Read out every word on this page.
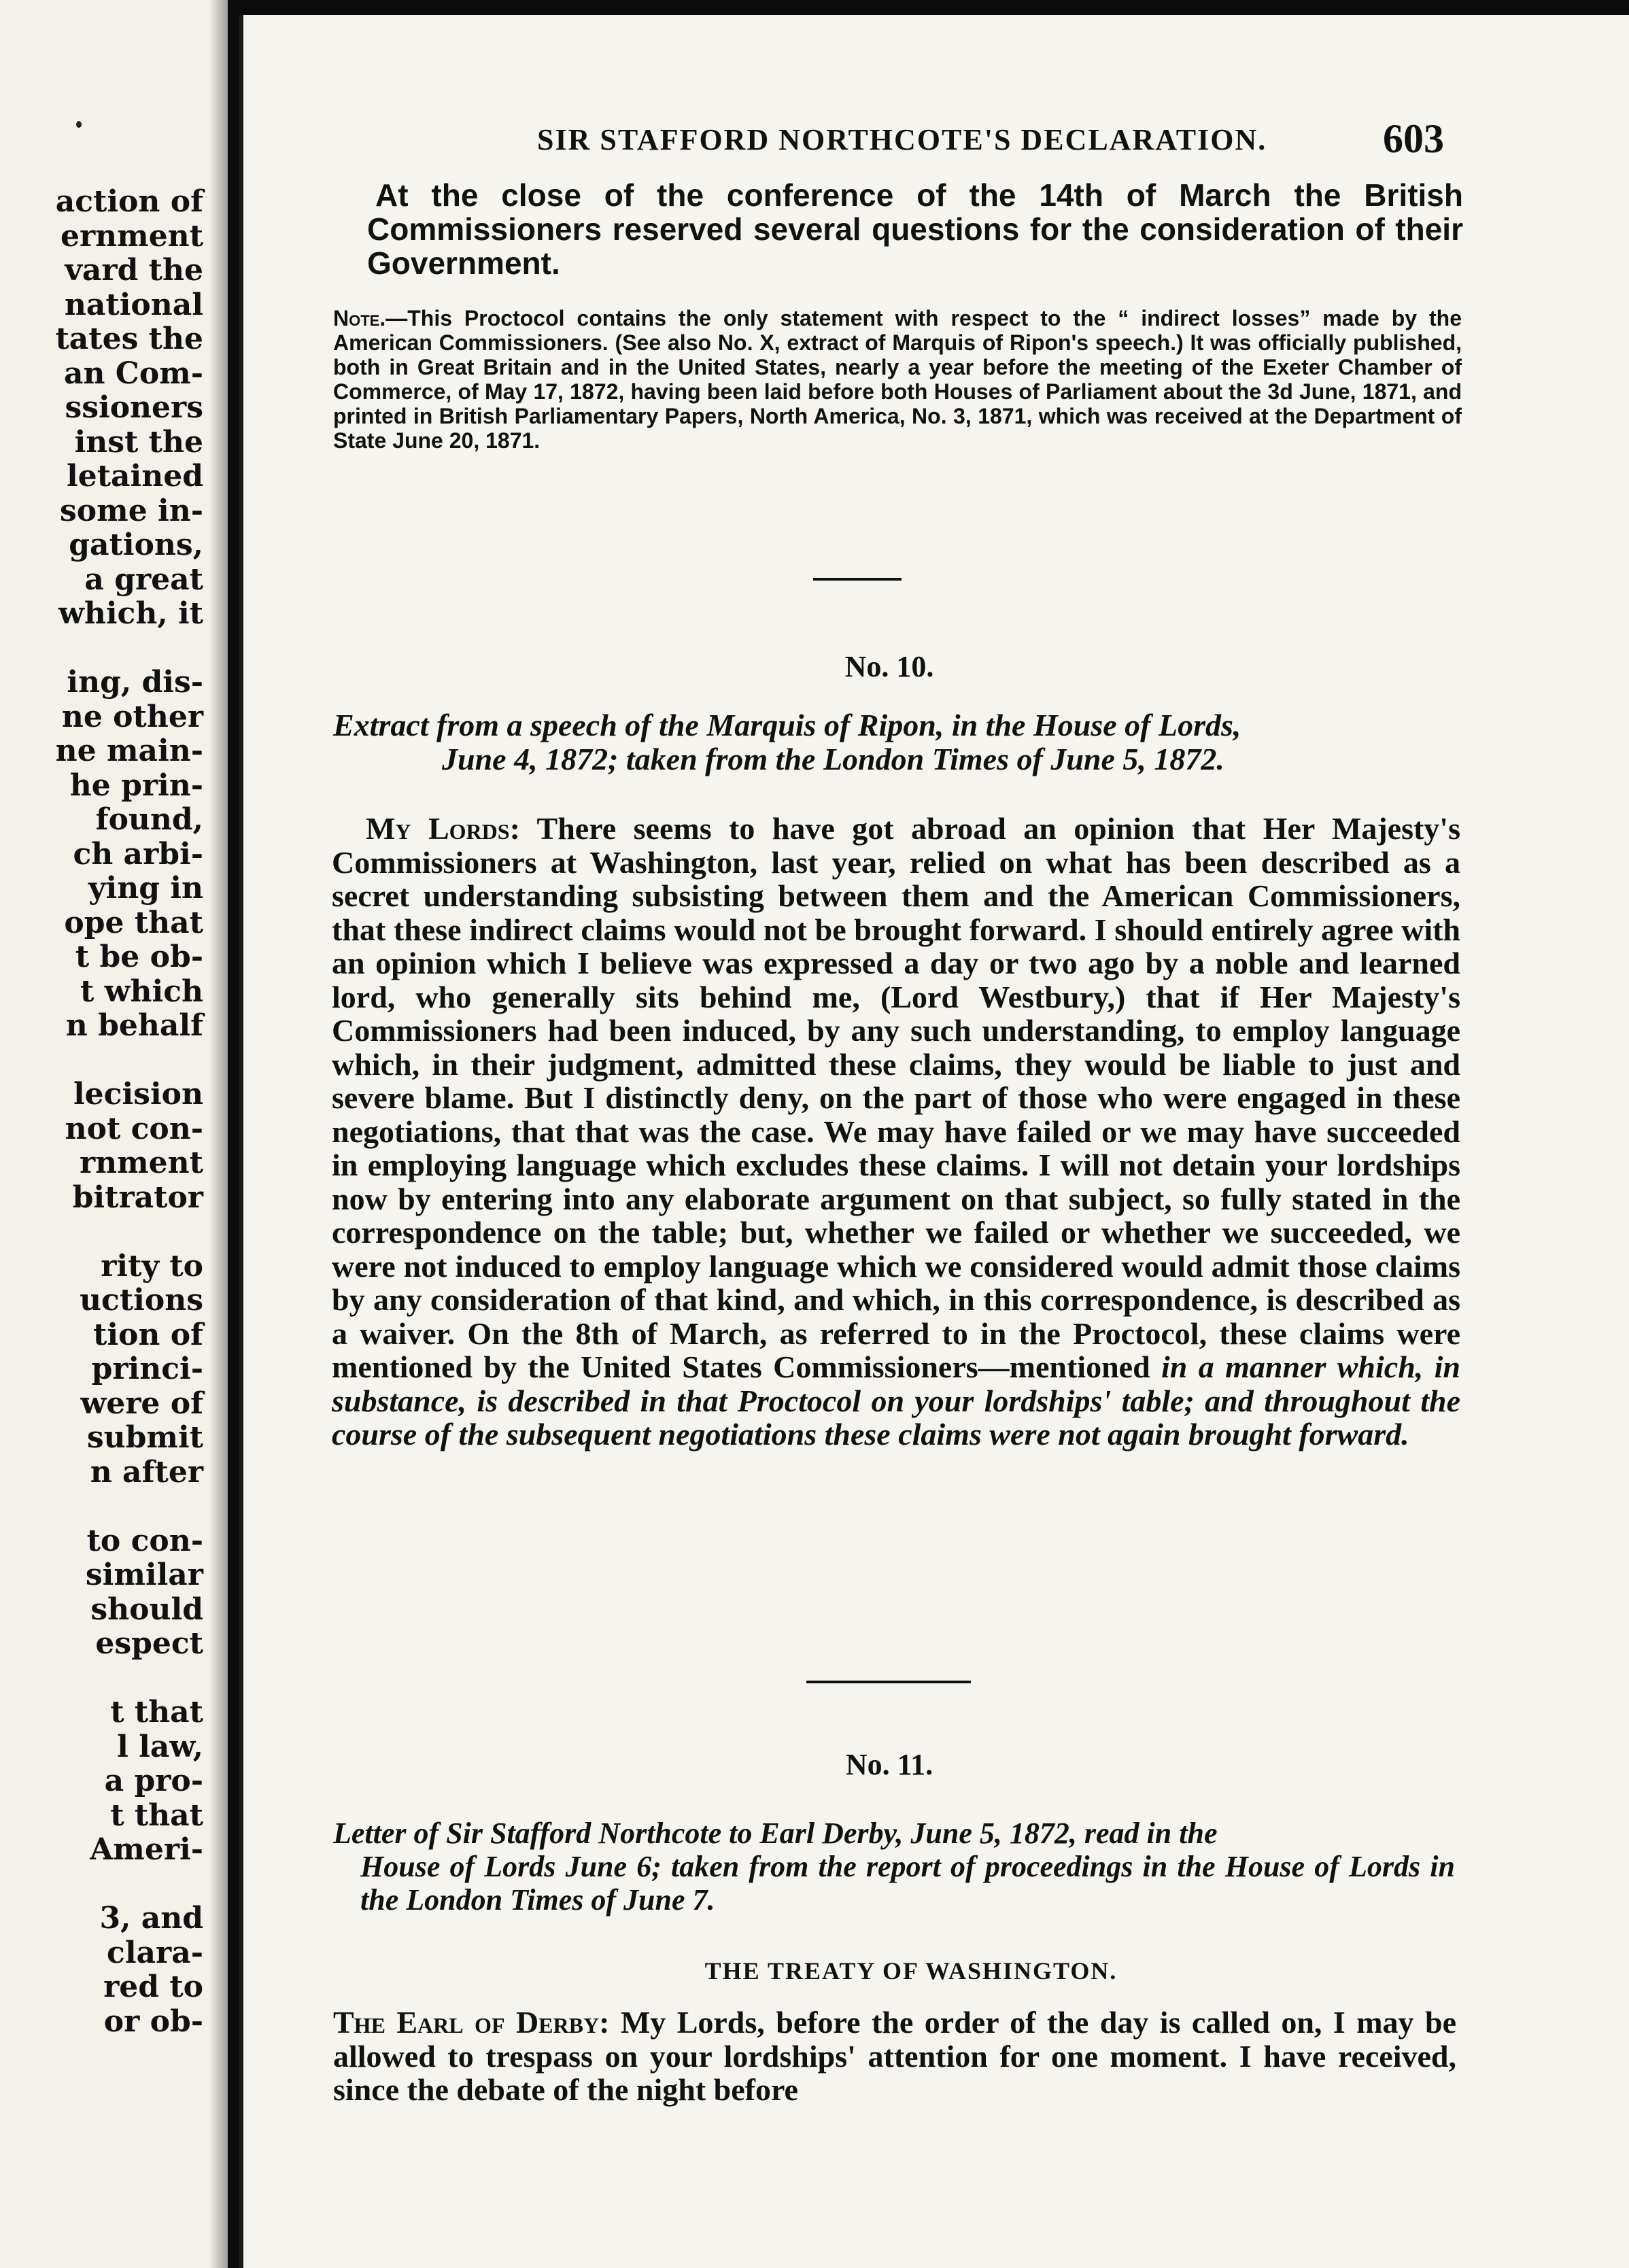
action of
ernment
vard the
national
tates the
an Com-
ssioners
inst the
letained
some in-
gations,
a great
which, it

ing, dis-
ne other
ne main-
he prin-
found,
ch arbi-
ying in
ope that
t be ob-
t which
n behalf

lecision
not con-
rnment
bitrator

rity to
uctions
tion of
princi-
were of
submit
n after

to con-
similar
should
espect

t that
l law,
a pro-
t that
Ameri-

3, and
clara-
red to
or ob-
SIR STAFFORD NORTHCOTE'S DECLARATION.	603
At the close of the conference of the 14th of March the British Commissioners reserved several questions for the consideration of their Government.
Note.—This Proctocol contains the only statement with respect to the “ indirect losses” made by the American Commissioners. (See also No. X, extract of Marquis of Ripon's speech.) It was officially published, both in Great Britain and in the United States, nearly a year before the meeting of the Exeter Chamber of Commerce, of May 17, 1872, having been laid before both Houses of Parliament about the 3d June, 1871, and printed in British Parliamentary Papers, North America, No. 3, 1871, which was received at the Department of State June 20, 1871.
No. 10.
Extract from a speech of the Marquis of Ripon, in the House of Lords,
June 4, 1872; taken from the London Times of June 5, 1872.
My Lords: There seems to have got abroad an opinion that Her Majesty's Commissioners at Washington, last year, relied on what has been described as a secret understanding subsisting between them and the American Commissioners, that these indirect claims would not be brought forward. I should entirely agree with an opinion which I believe was expressed a day or two ago by a noble and learned lord, who generally sits behind me, (Lord Westbury,) that if Her Majesty's Commissioners had been induced, by any such understanding, to employ language which, in their judgment, admitted these claims, they would be liable to just and severe blame. But I distinctly deny, on the part of those who were engaged in these negotiations, that that was the case. We may have failed or we may have succeeded in employing language which excludes these claims. I will not detain your lordships now by entering into any elaborate argument on that subject, so fully stated in the correspondence on the table; but, whether we failed or whether we succeeded, we were not induced to employ language which we considered would admit those claims by any consideration of that kind, and which, in this correspondence, is described as a waiver. On the 8th of March, as referred to in the Proctocol, these claims were mentioned by the United States Commissioners—mentioned in a manner which, in substance, is described in that Proctocol on your lordships' table; and throughout the course of the subsequent negotiations these claims were not again brought forward.
No. 11.
Letter of Sir Stafford Northcote to Earl Derby, June 5, 1872, read in the
House of Lords June 6; taken from the report of proceedings in the House of Lords in the London Times of June 7.
THE TREATY OF WASHINGTON.
The Earl of Derby: My Lords, before the order of the day is called on, I may be allowed to trespass on your lordships' attention for one moment. I have received, since the debate of the night before
